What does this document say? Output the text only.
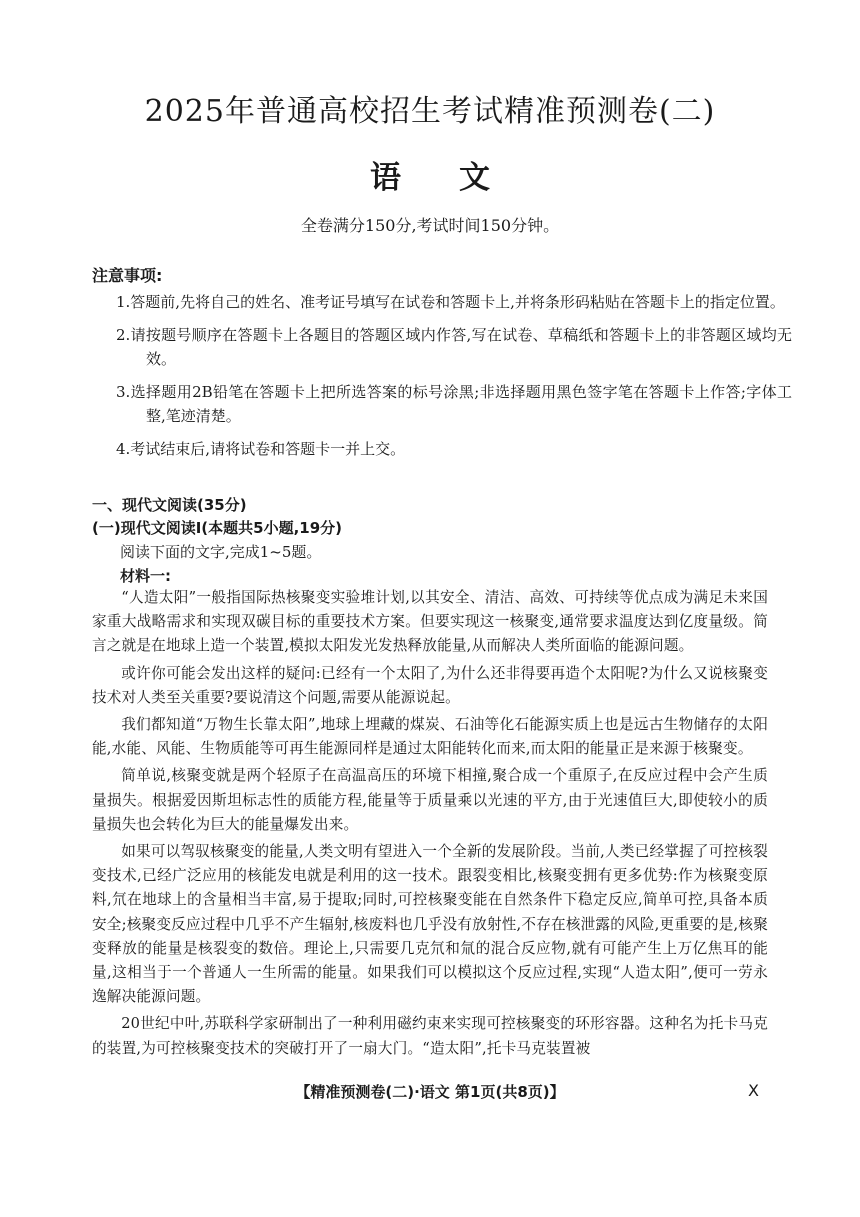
2025年普通高校招生考试精准预测卷(二)
语文
全卷满分150分,考试时间150分钟。
注意事项:
1.答题前,先将自己的姓名、准考证号填写在试卷和答题卡上,并将条形码粘贴在答题卡上的指定位置。
2.请按题号顺序在答题卡上各题目的答题区域内作答,写在试卷、草稿纸和答题卡上的非答题区域均无效。
3.选择题用2B铅笔在答题卡上把所选答案的标号涂黑;非选择题用黑色签字笔在答题卡上作答;字体工整,笔迹清楚。
4.考试结束后,请将试卷和答题卡一并上交。
一、现代文阅读(35分)
(一)现代文阅读Ⅰ(本题共5小题,19分)
阅读下面的文字,完成1~5题。
材料一:

“人造太阳”一般指国际热核聚变实验堆计划,以其安全、清洁、高效、可持续等优点成为满足未来国家重大战略需求和实现双碳目标的重要技术方案。但要实现这一核聚变,通常要求温度达到亿度量级。简言之就是在地球上造一个装置,模拟太阳发光发热释放能量,从而解决人类所面临的能源问题。

或许你可能会发出这样的疑问:已经有一个太阳了,为什么还非得要再造个太阳呢?为什么又说核聚变技术对人类至关重要?要说清这个问题,需要从能源说起。

我们都知道“万物生长靠太阳”,地球上埋藏的煤炭、石油等化石能源实质上也是远古生物储存的太阳能,水能、风能、生物质能等可再生能源同样是通过太阳能转化而来,而太阳的能量正是来源于核聚变。

简单说,核聚变就是两个轻原子在高温高压的环境下相撞,聚合成一个重原子,在反应过程中会产生质量损失。根据爱因斯坦标志性的质能方程,能量等于质量乘以光速的平方,由于光速值巨大,即使较小的质量损失也会转化为巨大的能量爆发出来。

如果可以驾驭核聚变的能量,人类文明有望进入一个全新的发展阶段。当前,人类已经掌握了可控核裂变技术,已经广泛应用的核能发电就是利用的这一技术。跟裂变相比,核聚变拥有更多优势:作为核聚变原料,氘在地球上的含量相当丰富,易于提取;同时,可控核聚变能在自然条件下稳定反应,简单可控,具备本质安全;核聚变反应过程中几乎不产生辐射,核废料也几乎没有放射性,不存在核泄露的风险,更重要的是,核聚变释放的能量是核裂变的数倍。理论上,只需要几克氘和氚的混合反应物,就有可能产生上万亿焦耳的能量,这相当于一个普通人一生所需的能量。如果我们可以模拟这个反应过程,实现“人造太阳”,便可一劳永逸解决能源问题。

20世纪中叶,苏联科学家研制出了一种利用磁约束来实现可控核聚变的环形容器。这种名为托卡马克的装置,为可控核聚变技术的突破打开了一扇大门。“造太阳”,托卡马克装置被

【精准预测卷(二)·语文 第1页(共8页)】	X
